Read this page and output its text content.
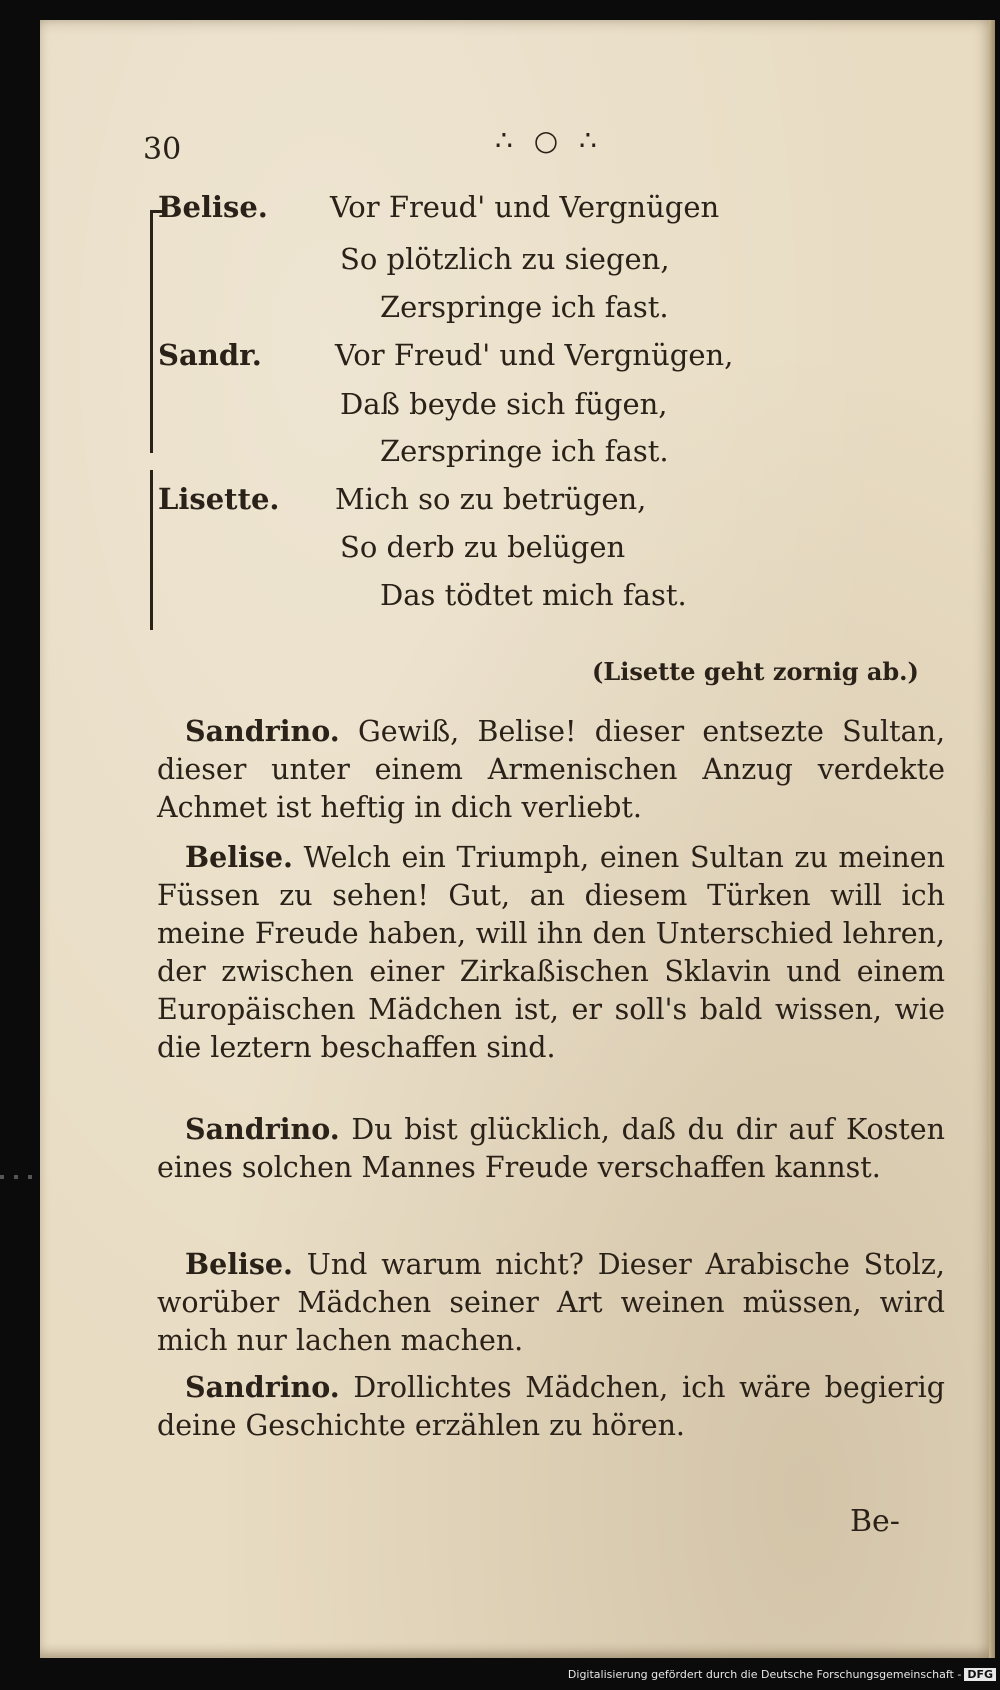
30	∴ ○ ∴
Belise. Vor Freud' und Vergnügen
So plötzlich zu siegen,
Zerspringe ich fast.
Sandr.	Vor Freud' und Vergnügen,
Daß beyde sich fügen,
Zerspringe ich fast.
Lisette. Mich so zu betrügen,
So derb zu belügen
Das tödtet mich fast.
(Lisette geht zornig ab.)

Sandrino. Gewiß, Belise! dieser entsezte Sultan, dieser unter einem Armenischen Anzug verdekte Achmet ist heftig in dich verliebt.

Belise. Welch ein Triumph, einen Sultan zu meinen Füssen zu sehen! Gut, an diesem Türken will ich meine Freude haben, will ihn den Unterschied lehren, der zwischen einer Zirkaßischen Sklavin und einem Europäischen Mädchen ist, er soll's bald wissen, wie die leztern beschaffen sind.

Sandrino. Du bist glücklich, daß du dir auf Kosten eines solchen Mannes Freude verschaffen kannst.

Belise. Und warum nicht? Dieser Arabische Stolz, worüber Mädchen seiner Art weinen müssen, wird mich nur lachen machen.

Sandrino. Drollichtes Mädchen, ich wäre begierig deine Geschichte erzählen zu hören.

Be-
Digitalisierung gefördert durch die Deutsche Forschungsgemeinschaft - DFG
